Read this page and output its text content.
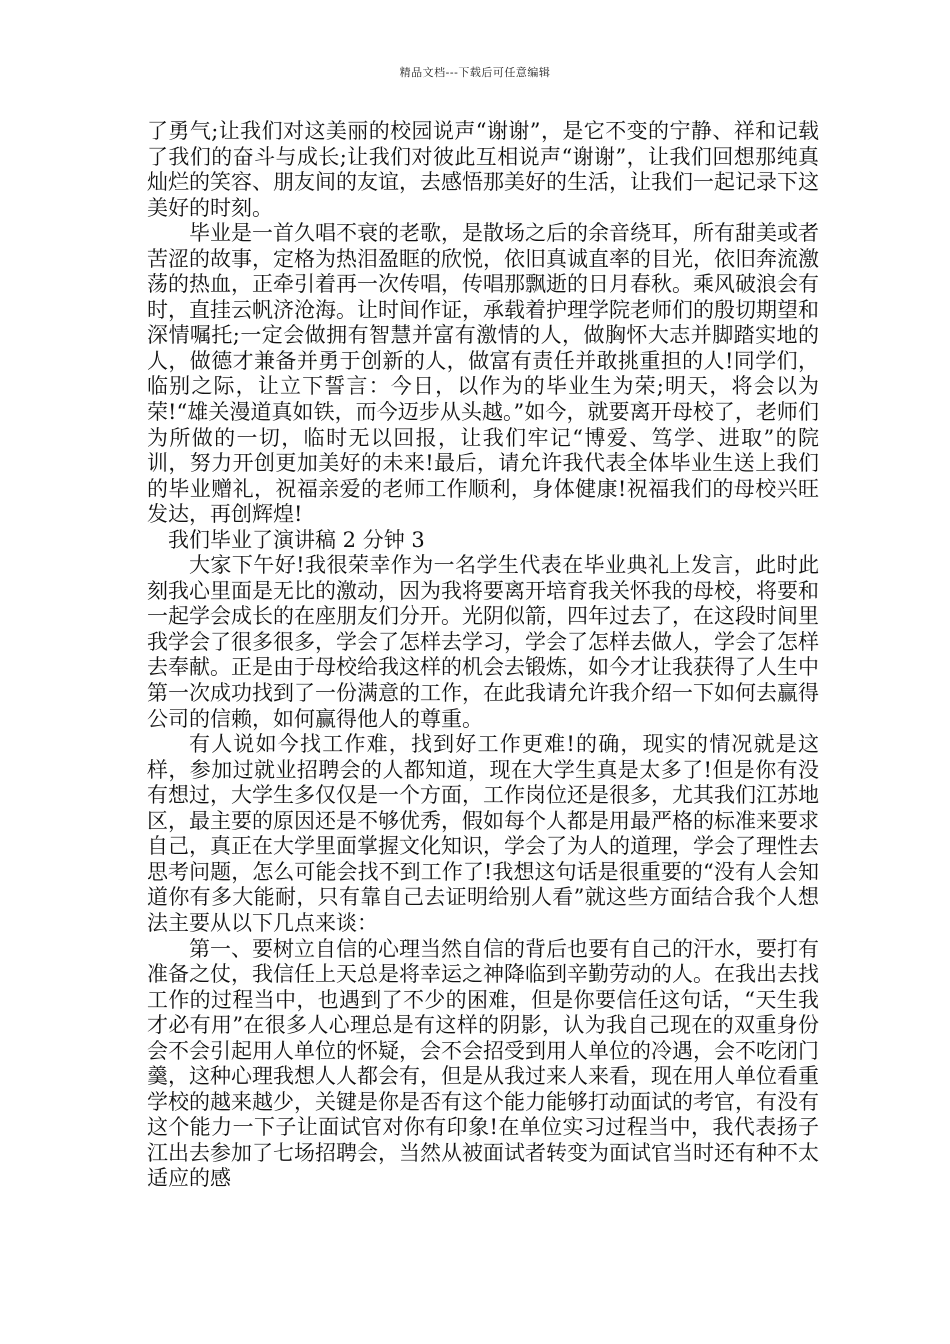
精品文档---下载后可任意编辑

了勇气;让我们对这美丽的校园说声“谢谢”，是它不变的宁静、祥和记载了我们的奋斗与成长;让我们对彼此互相说声“谢谢”，让我们回想那纯真灿烂的笑容、朋友间的友谊，去感悟那美好的生活，让我们一起记录下这美好的时刻。

毕业是一首久唱不衰的老歌，是散场之后的余音绕耳，所有甜美或者苦涩的故事，定格为热泪盈眶的欣悦，依旧真诚直率的目光，依旧奔流激荡的热血，正牵引着再一次传唱，传唱那飘逝的日月春秋。乘风破浪会有时，直挂云帆济沧海。让时间作证，承载着护理学院老师们的殷切期望和深情嘱托;一定会做拥有智慧并富有激情的人，做胸怀大志并脚踏实地的人，做德才兼备并勇于创新的人，做富有责任并敢挑重担的人!同学们，临别之际，让立下誓言：今日，以作为的毕业生为荣;明天，将会以为荣!“雄关漫道真如铁，而今迈步从头越。”如今，就要离开母校了，老师们为所做的一切，临时无以回报，让我们牢记“博爱、笃学、进取”的院训，努力开创更加美好的未来!最后，请允许我代表全体毕业生送上我们的毕业赠礼，祝福亲爱的老师工作顺利，身体健康!祝福我们的母校兴旺发达，再创辉煌!

我们毕业了演讲稿 2 分钟 3

大家下午好!我很荣幸作为一名学生代表在毕业典礼上发言，此时此刻我心里面是无比的激动，因为我将要离开培育我关怀我的母校，将要和一起学会成长的在座朋友们分开。光阴似箭，四年过去了，在这段时间里我学会了很多很多，学会了怎样去学习，学会了怎样去做人，学会了怎样去奉献。正是由于母校给我这样的机会去锻炼，如今才让我获得了人生中第一次成功找到了一份满意的工作，在此我请允许我介绍一下如何去赢得公司的信赖，如何赢得他人的尊重。

有人说如今找工作难，找到好工作更难!的确，现实的情况就是这样，参加过就业招聘会的人都知道，现在大学生真是太多了!但是你有没有想过，大学生多仅仅是一个方面，工作岗位还是很多，尤其我们江苏地区，最主要的原因还是不够优秀，假如每个人都是用最严格的标准来要求自己，真正在大学里面掌握文化知识，学会了为人的道理，学会了理性去思考问题，怎么可能会找不到工作了!我想这句话是很重要的“没有人会知道你有多大能耐，只有靠自己去证明给别人看”就这些方面结合我个人想法主要从以下几点来谈：

第一、要树立自信的心理当然自信的背后也要有自己的汗水，要打有准备之仗，我信任上天总是将幸运之神降临到辛勤劳动的人。在我出去找工作的过程当中，也遇到了不少的困难，但是你要信任这句话，“天生我才必有用”在很多人心理总是有这样的阴影，认为我自己现在的双重身份会不会引起用人单位的怀疑，会不会招受到用人单位的冷遇，会不吃闭门羹，这种心理我想人人都会有，但是从我过来人来看，现在用人单位看重学校的越来越少，关键是你是否有这个能力能够打动面试的考官，有没有这个能力一下子让面试官对你有印象!在单位实习过程当中，我代表扬子江出去参加了七场招聘会，当然从被面试者转变为面试官当时还有种不太适应的感
